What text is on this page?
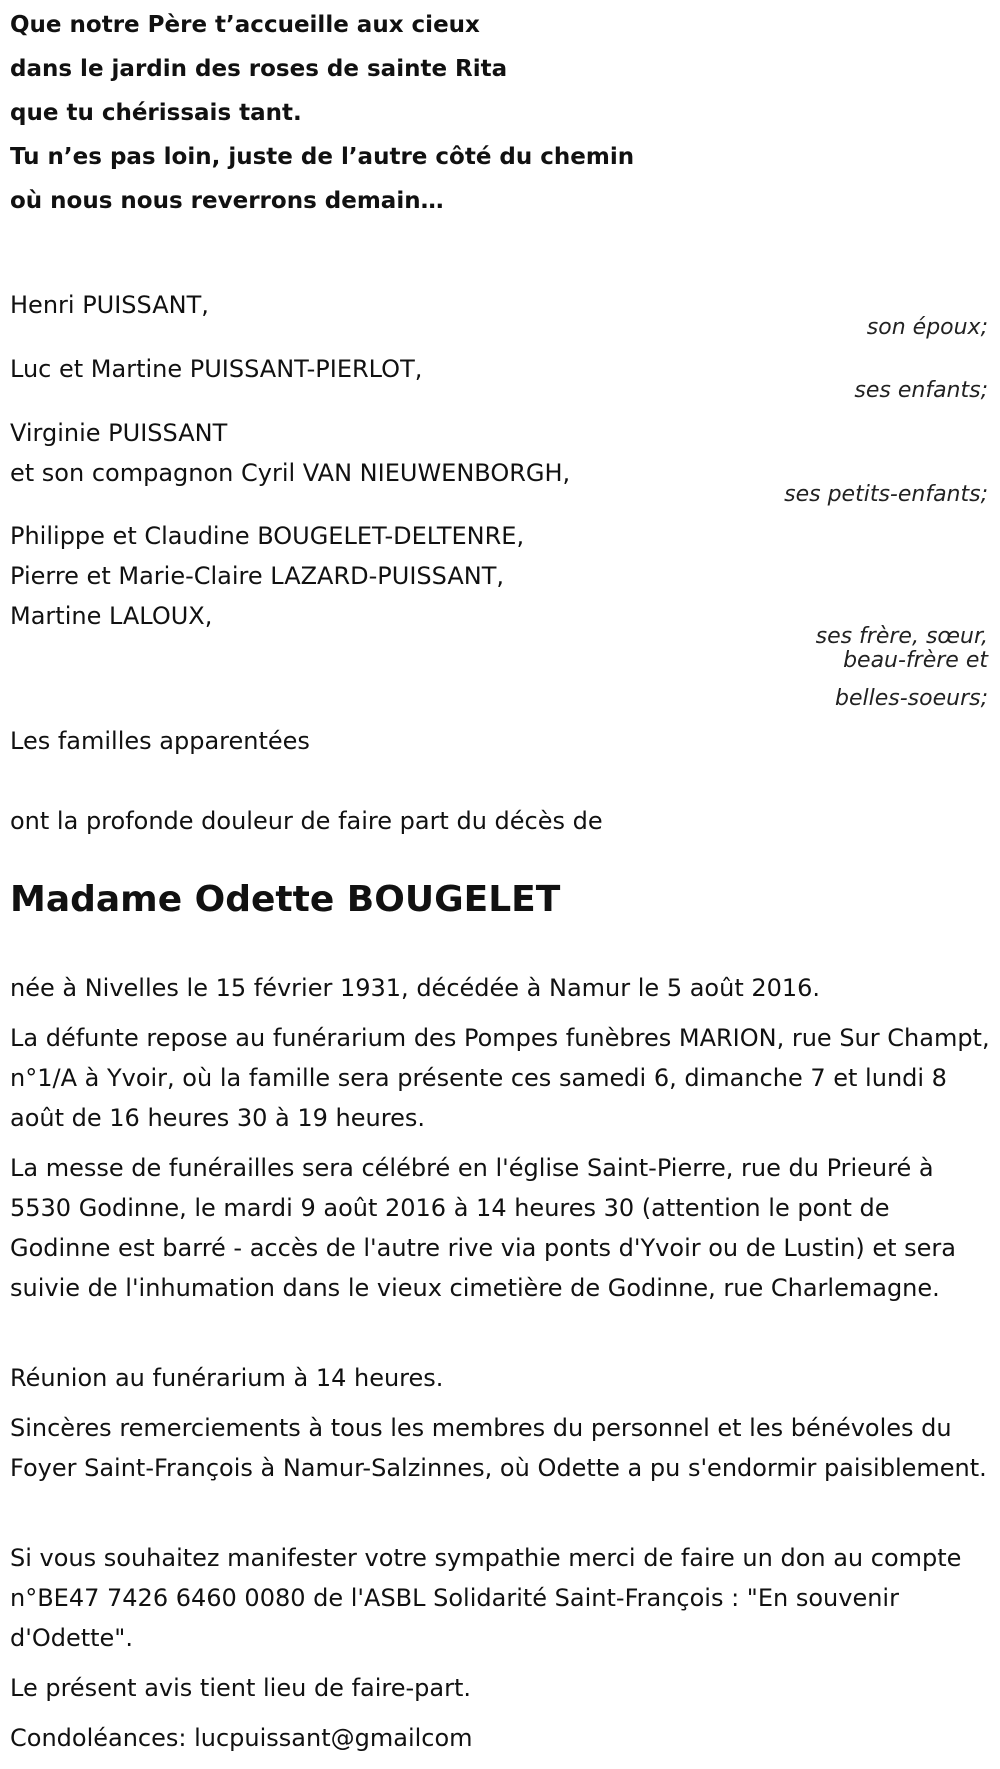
Que notre Père t’accueille aux cieux
dans le jardin des roses de sainte Rita
que tu chérissais tant.
Tu n’es pas loin, juste de l’autre côté du chemin
où nous nous reverrons demain…
Henri PUISSANT,
son époux;
Luc et Martine PUISSANT-PIERLOT,
ses enfants;
Virginie PUISSANT
et son compagnon Cyril VAN NIEUWENBORGH,
ses petits-enfants;
Philippe et Claudine BOUGELET-DELTENRE,
Pierre et Marie-Claire LAZARD-PUISSANT,
Martine LALOUX,
ses frère, sœur,
beau-frère et
belles-soeurs;
Les familles apparentées
ont la profonde douleur de faire part du décès de
Madame Odette BOUGELET
née à Nivelles le 15 février 1931, décédée à Namur le 5 août 2016.
La défunte repose au funérarium des Pompes funèbres MARION, rue Sur Champt, n°1/A à Yvoir, où la famille sera présente ces samedi 6, dimanche 7 et lundi 8 août de 16 heures 30 à 19 heures.
La messe de funérailles sera célébré en l'église Saint-Pierre, rue du Prieuré à 5530 Godinne, le mardi 9 août 2016 à 14 heures 30 (attention le pont de Godinne est barré - accès de l'autre rive via ponts d'Yvoir ou de Lustin) et sera suivie de l'inhumation dans le vieux cimetière de Godinne, rue Charlemagne.
Réunion au funérarium à 14 heures.
Sincères remerciements à tous les membres du personnel et les bénévoles du Foyer Saint-François à Namur-Salzinnes, où Odette a pu s'endormir paisiblement.
Si vous souhaitez manifester votre sympathie merci de faire un don au compte n°BE47 7426 6460 0080 de l'ASBL Solidarité Saint-François : "En souvenir d'Odette".
Le présent avis tient lieu de faire-part.
Condoléances: lucpuissant@gmailcom
